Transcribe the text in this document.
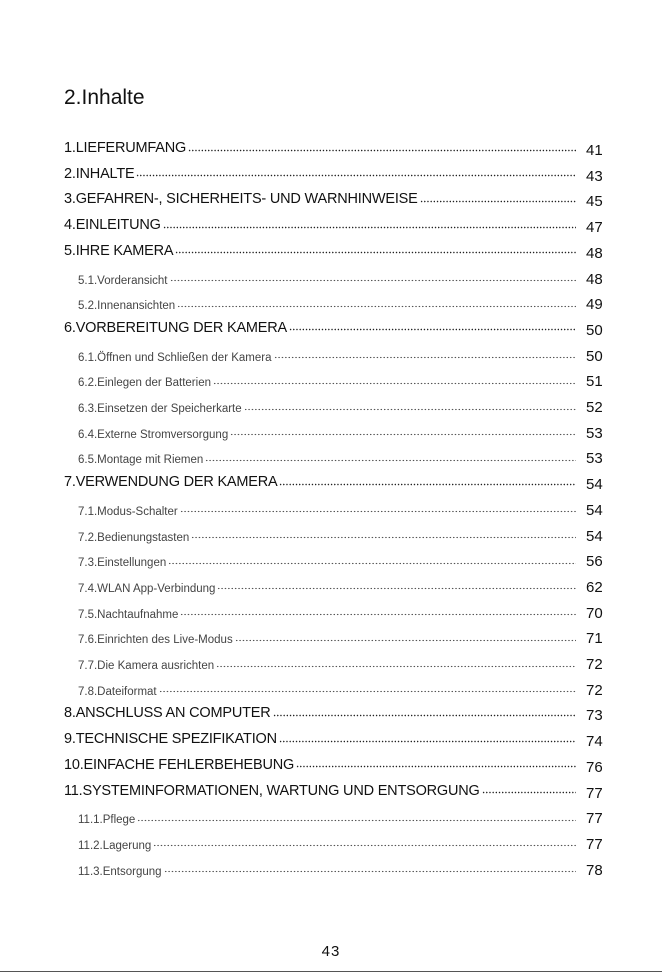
2.Inhalte
1.LIEFERUMFANG	41
2.INHALTE	43
3.GEFAHREN-, SICHERHEITS- UND WARNHINWEISE	45
4.EINLEITUNG	47
5.IHRE KAMERA	48
5.1.Vorderansicht	48
5.2.Innenansichten	49
6.VORBEREITUNG DER KAMERA	50
6.1.Öffnen und Schließen der Kamera	50
6.2.Einlegen der Batterien	51
6.3.Einsetzen der Speicherkarte	52
6.4.Externe Stromversorgung	53
6.5.Montage mit Riemen	53
7.VERWENDUNG DER KAMERA	54
7.1.Modus-Schalter	54
7.2.Bedienungstasten	54
7.3.Einstellungen	56
7.4.WLAN App-Verbindung	62
7.5.Nachtaufnahme	70
7.6.Einrichten des Live-Modus	71
7.7.Die Kamera ausrichten	72
7.8.Dateiformat	72
8.ANSCHLUSS AN COMPUTER	73
9.TECHNISCHE SPEZIFIKATION	74
10.EINFACHE FEHLERBEHEBUNG	76
11.SYSTEMINFORMATIONEN, WARTUNG UND ENTSORGUNG	77
11.1.Pflege	77
11.2.Lagerung	77
11.3.Entsorgung	78
43
